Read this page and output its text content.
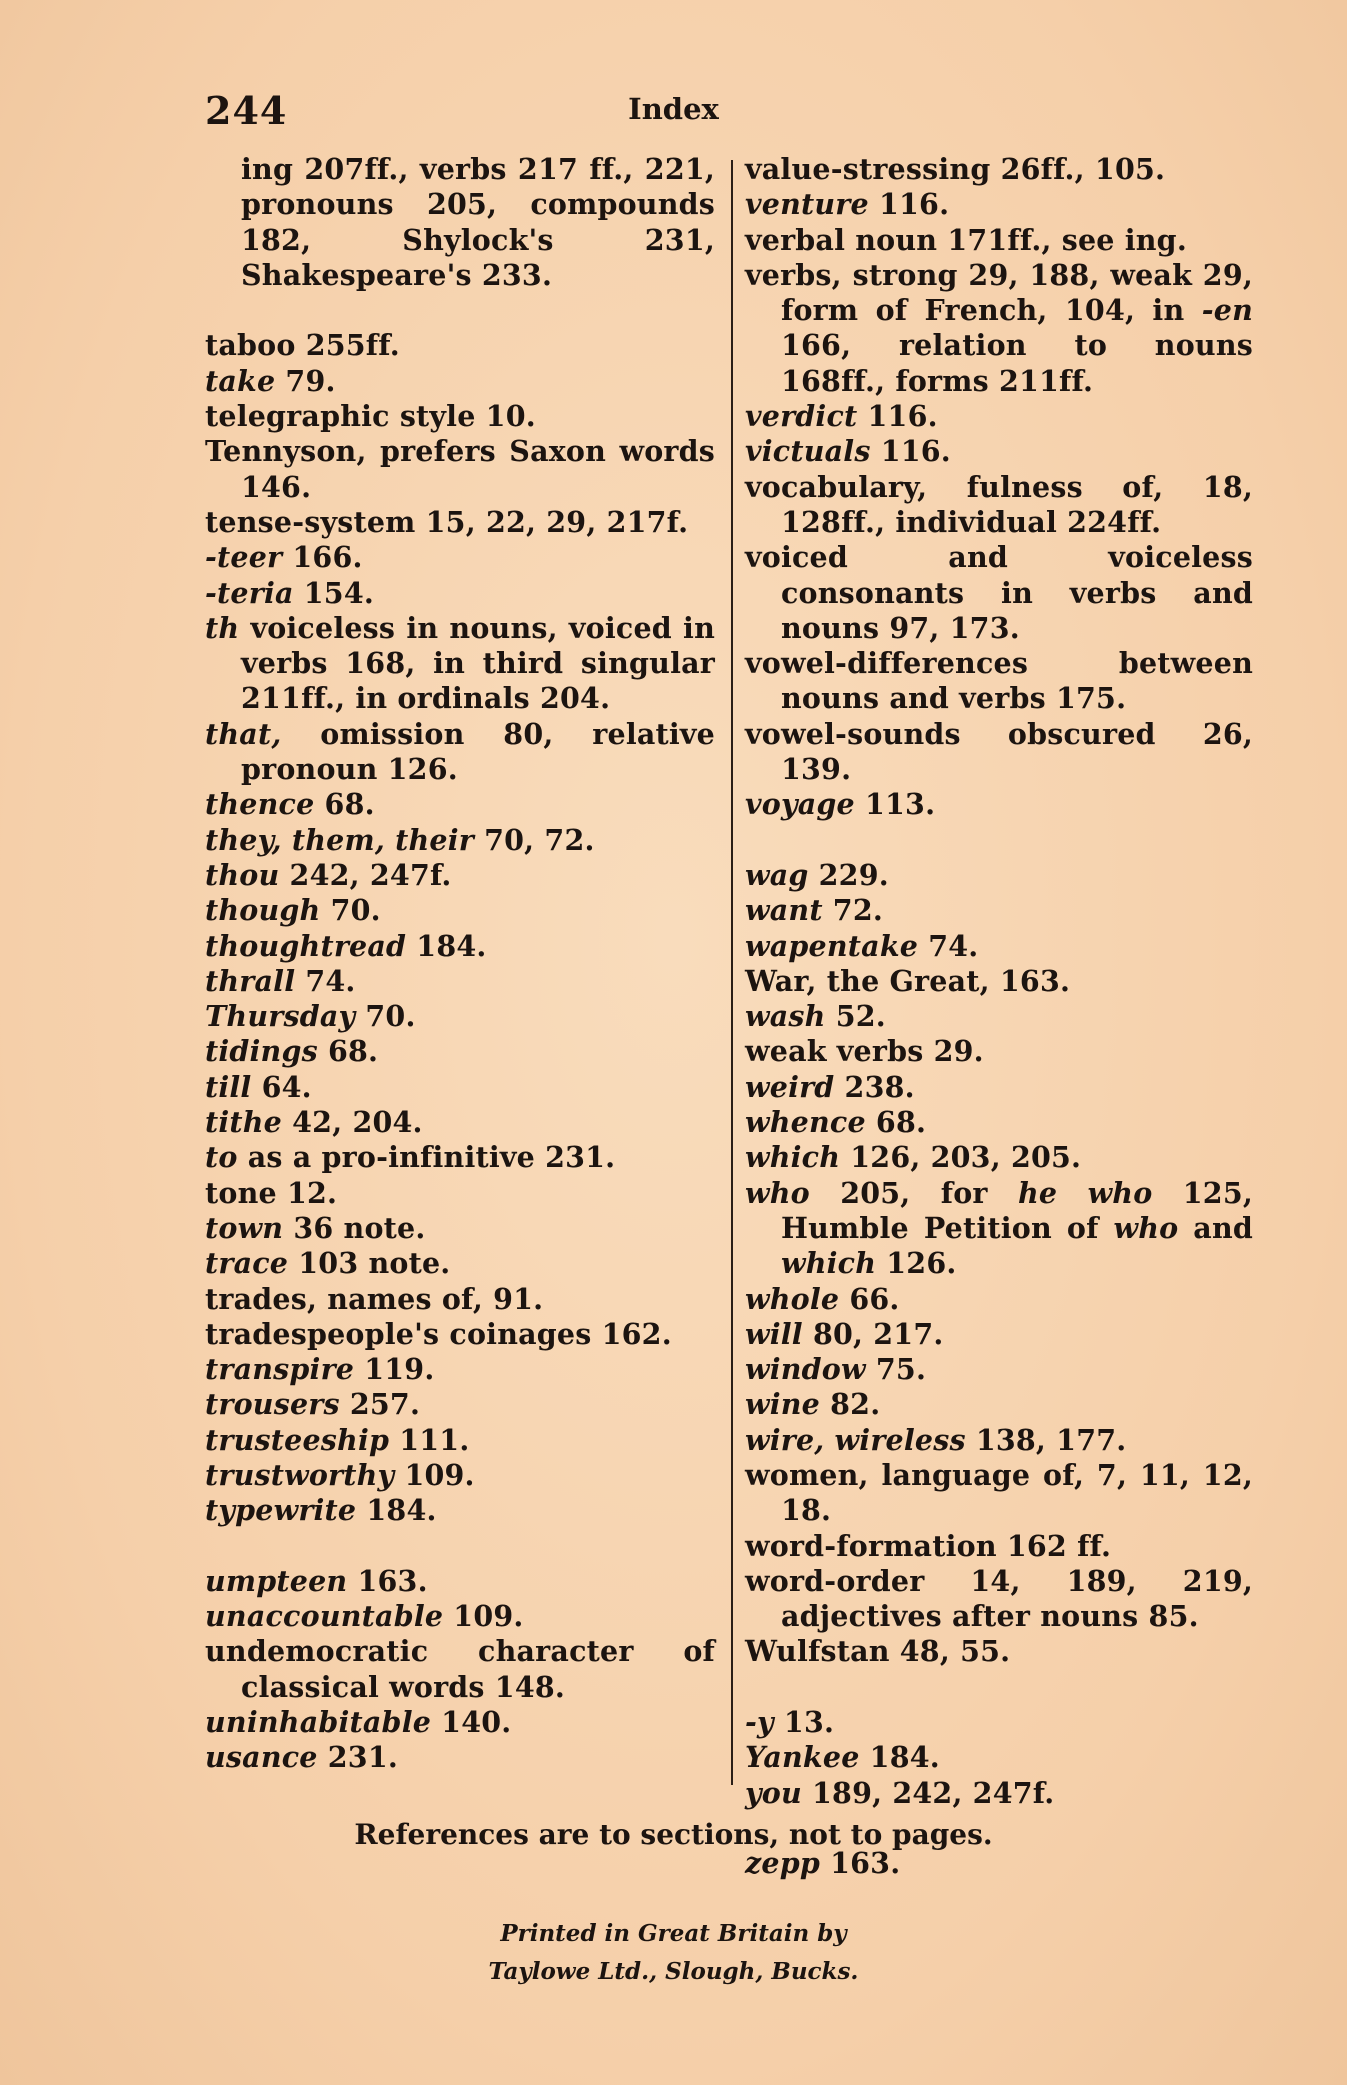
244	Index

ing 207ff., verbs 217 ff., 221, pronouns 205, compounds 182, Shylock's 231, Shakespeare's 233.

taboo 255ff.

take 79.

telegraphic style 10.

Tennyson, prefers Saxon words 146.

tense-system 15, 22, 29, 217f.

-teer 166.

-teria 154.

th voiceless in nouns, voiced in verbs 168, in third singular 211ff., in ordinals 204.

that, omission 80, relative pronoun 126.

thence 68.

they, them, their 70, 72.

thou 242, 247f.

though 70.

thoughtread 184.

thrall 74.

Thursday 70.

tidings 68.

till 64.

tithe 42, 204.

to as a pro-infinitive 231.

tone 12.

town 36 note.

trace 103 note.

trades, names of, 91.

tradespeople's coinages 162.

transpire 119.

trousers 257.

trusteeship 111.

trustworthy 109.

typewrite 184.

umpteen 163.

unaccountable 109.

undemocratic character of classical words 148.

uninhabitable 140.

usance 231.

value-stressing 26ff., 105.

venture 116.

verbal noun 171ff., see ing.

verbs, strong 29, 188, weak 29, form of French, 104, in -en 166, relation to nouns 168ff., forms 211ff.

verdict 116.

victuals 116.

vocabulary, fulness of, 18, 128ff., individual 224ff.

voiced and voiceless consonants in verbs and nouns 97, 173.

vowel-differences between nouns and verbs 175.

vowel-sounds obscured 26, 139.

voyage 113.

wag 229.

want 72.

wapentake 74.

War, the Great, 163.

wash 52.

weak verbs 29.

weird 238.

whence 68.

which 126, 203, 205.

who 205, for he who 125, Humble Petition of who and which 126.

whole 66.

will 80, 217.

window 75.

wine 82.

wire, wireless 138, 177.

women, language of, 7, 11, 12, 18.

word-formation 162 ff.

word-order 14, 189, 219, adjectives after nouns 85.

Wulfstan 48, 55.

-y 13.

Yankee 184.

you 189, 242, 247f.

zepp 163.

References are to sections, not to pages.
Printed in Great Britain by
Taylowe Ltd., Slough, Bucks.
